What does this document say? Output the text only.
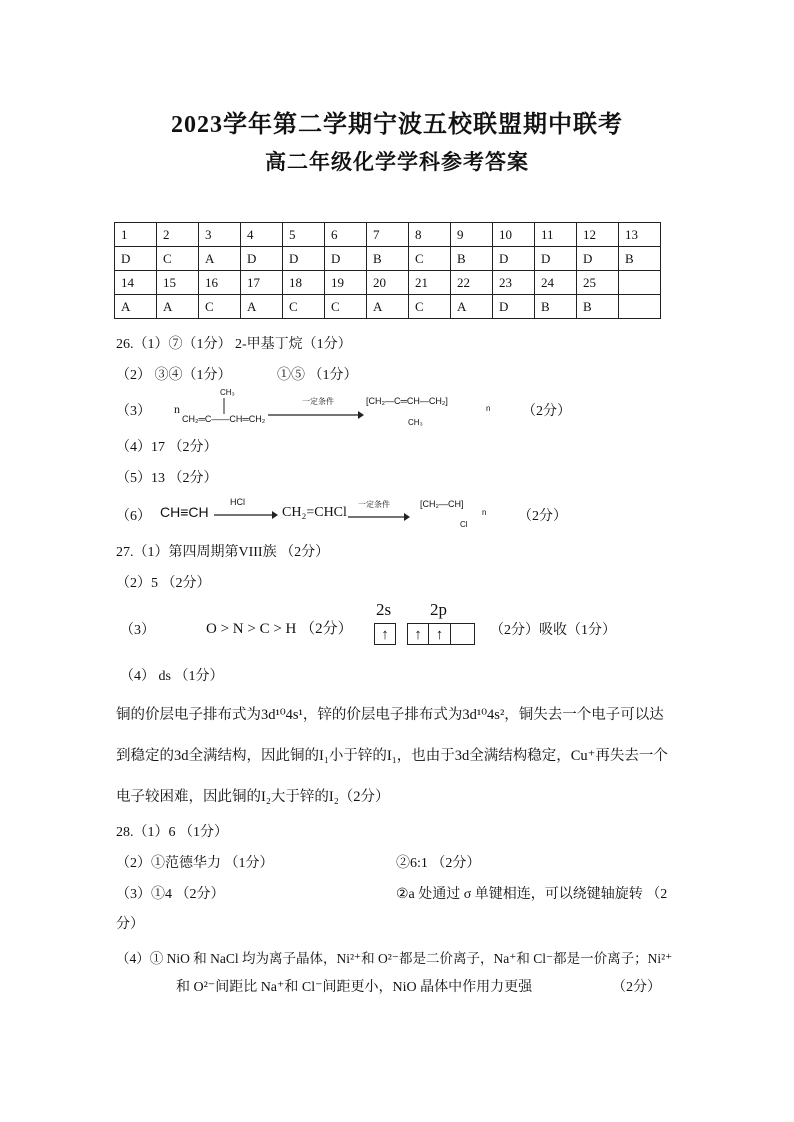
2023学年第二学期宁波五校联盟期中联考
高二年级化学学科参考答案
1	2	3	4	5	6	7	8	9	10	11	12	13
D	C	A	D	D	D	B	C	B	D	D	D	B
14	15	16	17	18	19	20	21	22	23	24	25	
A	A	C	A	C	C	A	C	A	D	B	B	
26.（1）⑦（1分） 2-甲基丁烷（1分）
（2） ③④（1分）	①⑤ （1分）
（3） n
CH₃
CH₂═C——CH═CH₂
一定条件	[CH₂—C═CH—CH₂]
CH₃
n （2分）
（4）17 （2分）
（5）13 （2分）
（6） CH≡CH
HCl
→ CH₂=CHCl
一定条件	[CH₂—CH]
Cl
n （2分）
27.（1）第四周期第VIII族 （2分）
（2）5 （2分）
（3）	O > N > C > H （2分）
2s 2p
↑	↑ ↑	（2分）吸收（1分）
（4） ds （1分）
铜的价层电子排布式为3d¹⁰4s¹，锌的价层电子排布式为3d¹⁰4s²，铜失去一个电子可以达
到稳定的3d全满结构，因此铜的I₁小于锌的I₁，也由于3d全满结构稳定，Cu⁺再失去一个
电子较困难，因此铜的I₂大于锌的I₂（2分）
28.（1）6 （1分）
（2）①范德华力 （1分）	②6:1 （2分）
（3）①4 （2分）	②a 处通过 σ 单键相连，可以绕键轴旋转 （2
分）
（4）① NiO 和 NaCl 均为离子晶体，Ni²⁺和 O²⁻都是二价离子，Na⁺和 Cl⁻都是一价离子；Ni²⁺
和 O²⁻间距比 Na⁺和 Cl⁻间距更小，NiO 晶体中作用力更强	（2分）
